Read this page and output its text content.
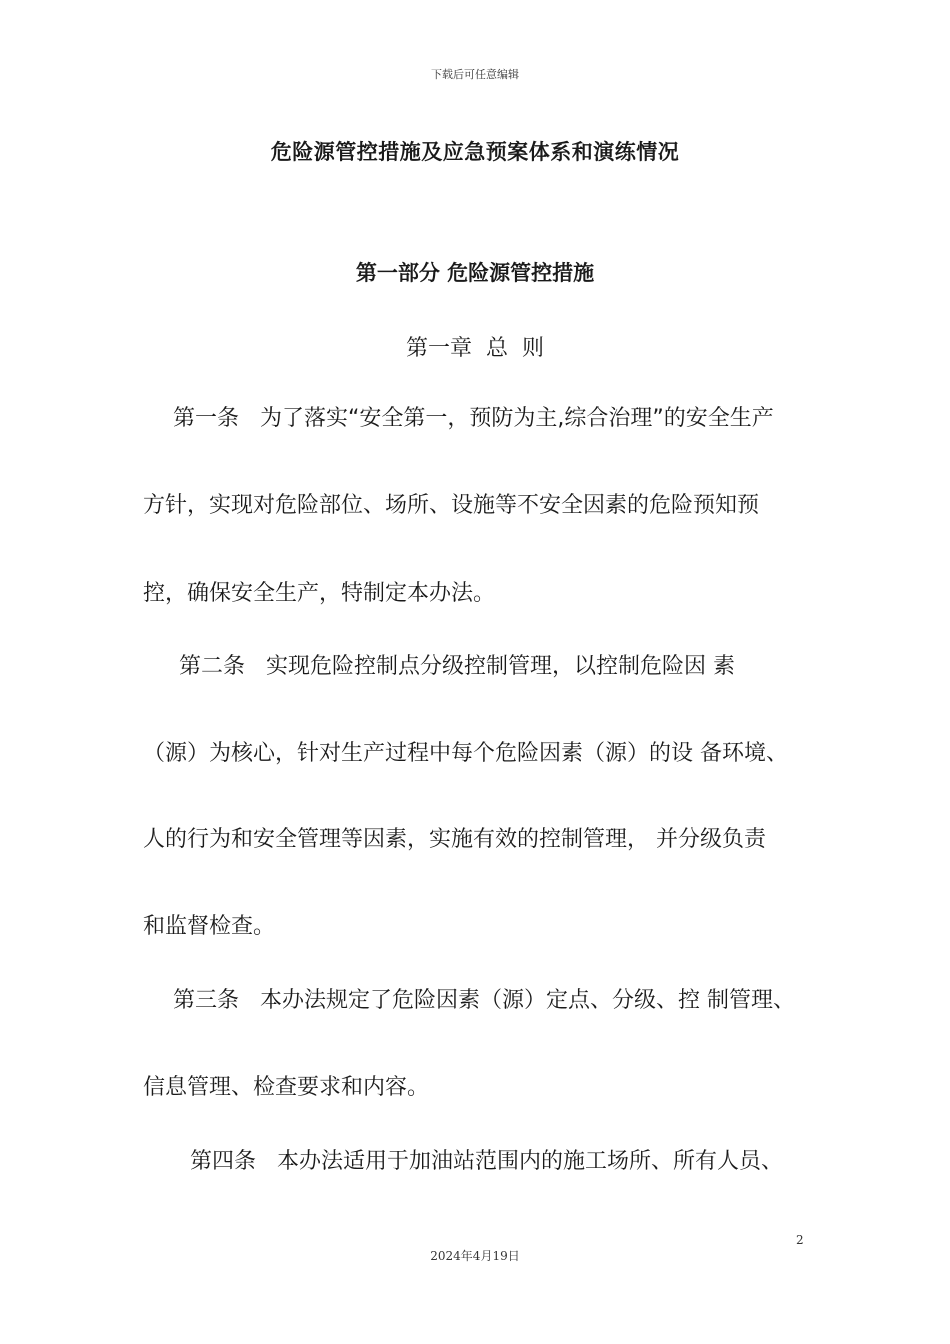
下载后可任意编辑
危险源管控措施及应急预案体系和演练情况
第一部分 危险源管控措施
第一章  总  则
第一条   为了落实“安全第一，预防为主,综合治理”的安全生产
方针，实现对危险部位、场所、设施等不安全因素的危险预知预
控，确保安全生产，特制定本办法。
第二条   实现危险控制点分级控制管理，以控制危险因 素
（源）为核心，针对生产过程中每个危险因素（源）的设 备环境、
人的行为和安全管理等因素，实施有效的控制管理， 并分级负责
和监督检查。
第三条   本办法规定了危险因素（源）定点、分级、控 制管理、
信息管理、检查要求和内容。
第四条   本办法适用于加油站范围内的施工场所、所有人员、
2
2024年4月19日
